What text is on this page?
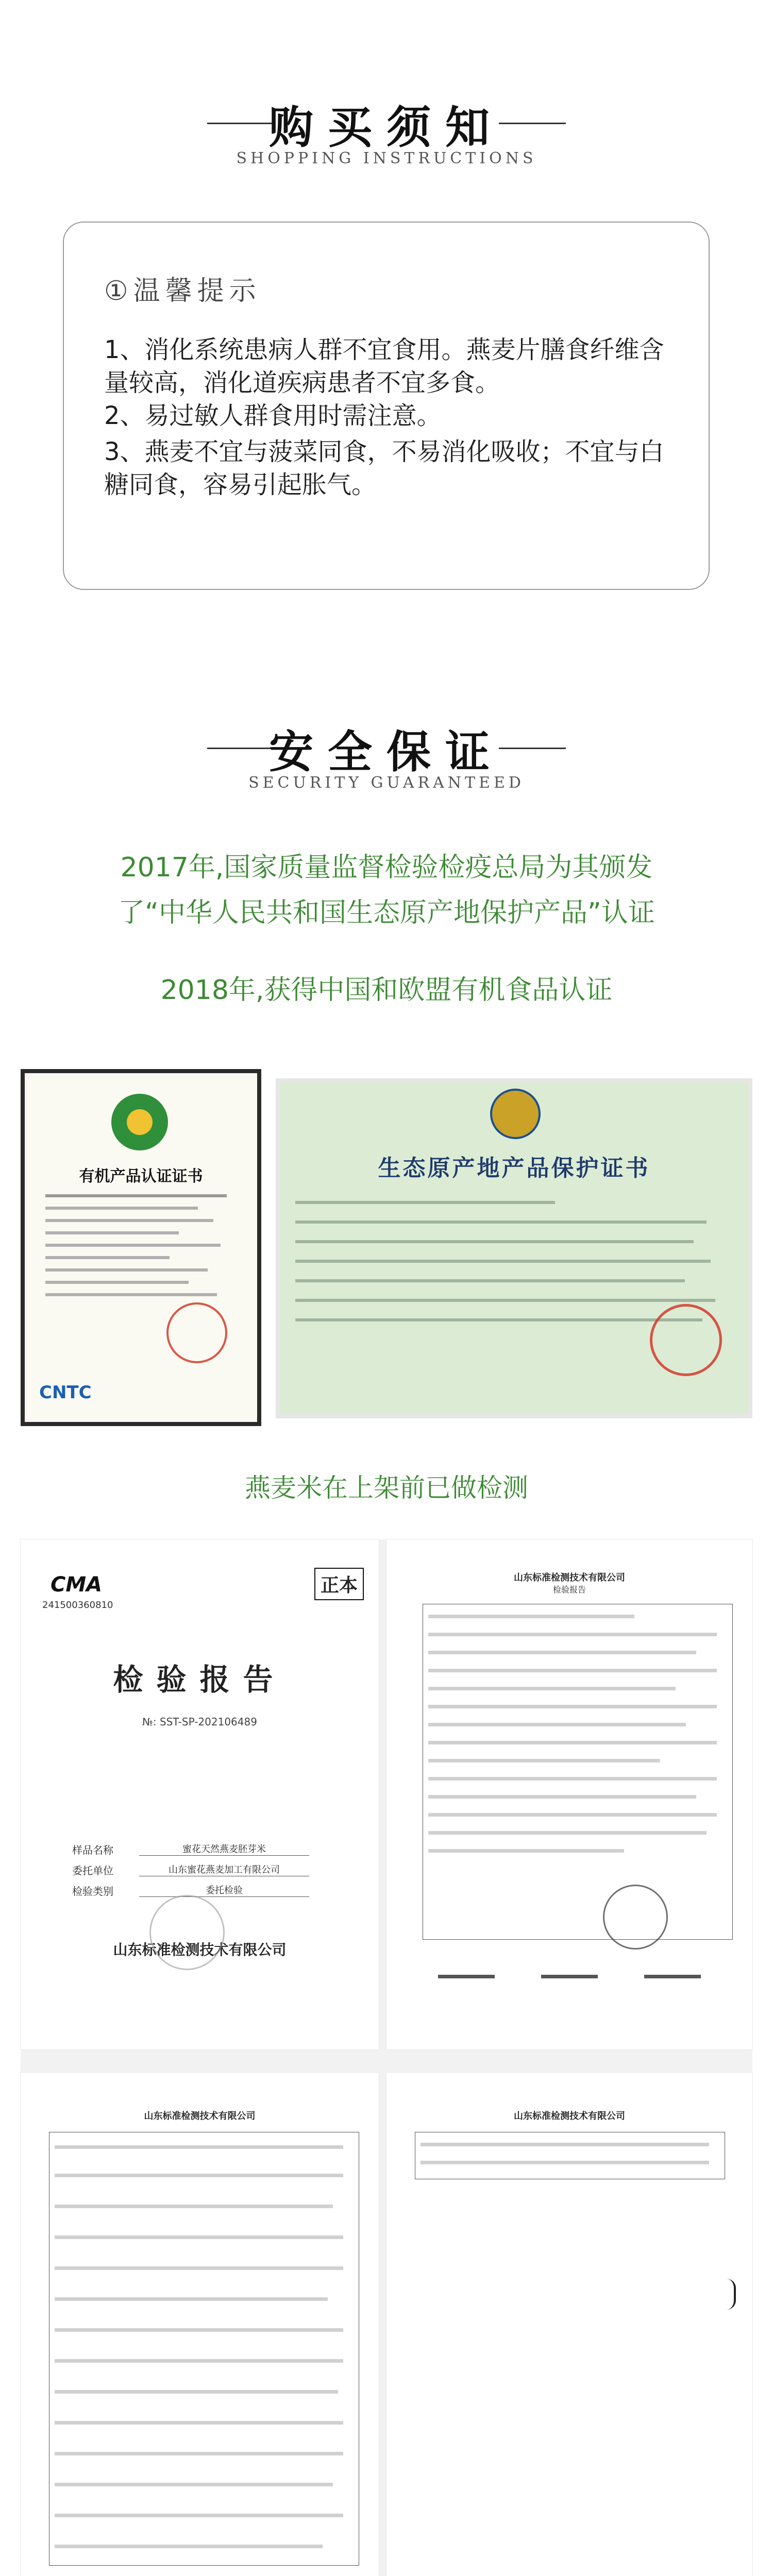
购买须知
SHOPPING INSTRUCTIONS
①温馨提示
1、消化系统患病人群不宜食用。燕麦片膳食纤维含量较高，消化道疾病患者不宜多食。
2、易过敏人群食用时需注意。
3、燕麦不宜与菠菜同食，不易消化吸收；不宜与白糖同食，容易引起胀气。
安全保证
SECURITY GUARANTEED
2017年,国家质量监督检验检疫总局为其颁发
了“中华人民共和国生态原产地保护产品”认证
2018年,获得中国和欧盟有机食品认证
有机产品认证证书
CNTC
生态原产地产品保护证书
燕麦米在上架前已做检测
CMA
241500360810
正本
检验报告
№: SST-SP-202106489
样品名称	蜜花天然燕麦胚芽米
委托单位	山东蜜花燕麦加工有限公司
检验类别	委托检验
山东标准检测技术有限公司
山东标准检测技术有限公司
检验报告
山东标准检测技术有限公司	山东标准检测技术有限公司
